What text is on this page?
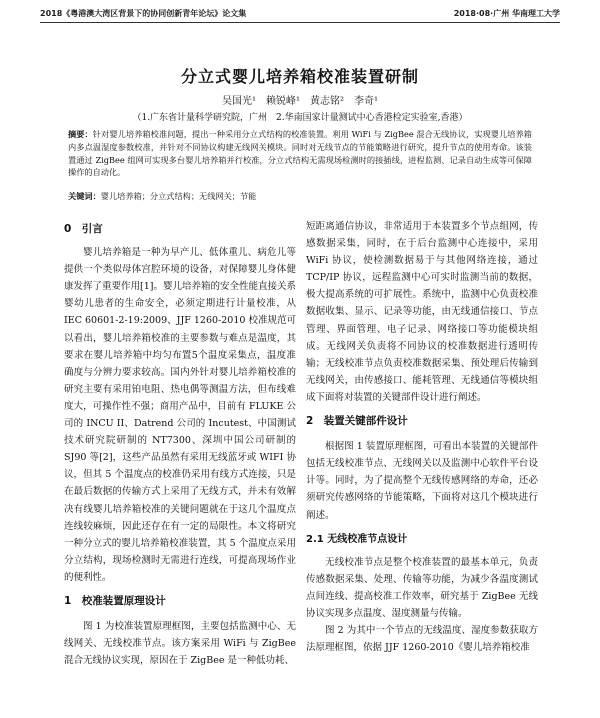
2018《粤港澳大湾区背景下的协同创新青年论坛》论文集	2018·08·广州 华南理工大学
分立式婴儿培养箱校准装置研制
吴国光¹　赖锐峰¹　黄志铭²　李奇¹
（1.广东省计量科学研究院，广州　2.华南国家计量测试中心香港检定实验室,香港）
摘要：针对婴儿培养箱校准问题，提出一种采用分立式结构的校准装置。利用 WiFi 与 ZigBee 混合无线协议，实现婴儿培养箱内多点温湿度参数校准，并针对不同协议构建无线网关模块。同时对无线节点的节能策略进行研究，提升节点的使用寿命。该装置通过 ZigBee 组网可实现多台婴儿培养箱并行校准，分立式结构无需现场检测时的接插线，进程监测、记录自动生成等可保障操作的自动化。
关键词：婴儿培养箱；分立式结构；无线网关；节能
0　引言

婴儿培养箱是一种为早产儿、低体重儿、病危儿等提供一个类似母体宫腔环境的设备，对保障婴儿身体健康发挥了重要作用[1]。婴儿培养箱的安全性能直接关系婴幼儿患者的生命安全，必须定期进行计量校准，从 IEC 60601-2-19:2009、JJF 1260-2010 校准规范可以看出，婴儿培养箱校准的主要参数与难点是温度，其要求在婴儿培养箱中均匀布置5个温度采集点，温度准确度与分辨力要求较高。国内外针对婴儿培养箱校准的研究主要有采用铂电阻、热电偶等测温方法，但布线难度大，可操作性不强；商用产品中，目前有 FLUKE 公司的 INCU II、Datrend 公司的 Incutest、中国测试技术研究院研制的 NT7300、深圳中国公司研制的 SJ90 等[2]，这些产品虽然有采用无线蓝牙或 WIFI 协议，但其 5 个温度点的校准仍采用有线方式连接，只是在最后数据的传输方式上采用了无线方式，并未有效解决有线婴儿培养箱校准的关键问题就在于这几个温度点连线较麻烦，因此还存在有一定的局限性。本文将研究一种分立式的婴儿培养箱校准装置，其 5 个温度点采用分立结构，现场检测时无需进行连线，可提高现场作业的便利性。

1　校准装置原理设计

图 1 为校准装置原理框图，主要包括监测中心、无线网关、无线校准节点。该方案采用 WiFi 与 ZigBee 混合无线协议实现，原因在于 ZigBee 是一种低功耗、

短距离通信协议，非常适用于本装置多个节点组网，传感数据采集，同时，在于后台监测中心连接中，采用 WiFi 协议，使检测数据易于与其他网络连接，通过 TCP/IP 协议，远程监测中心可实时监测当前的数据，极大提高系统的可扩展性。系统中，监测中心负责校准数据收集、显示、记录等功能，由无线通信接口、节点管理、界面管理、电子记录、网络接口等功能模块组成。无线网关负责将不同协议的校准数据进行透明传输；无线校准节点负责校准数据采集、预处理后传输到无线网关，由传感接口、能耗管理、无线通信等模块组成下面将对装置的关键部件设计进行阐述。

2　装置关键部件设计

根据图 1 装置原理框图，可看出本装置的关键部件包括无线校准节点、无线网关以及监测中心软件平台设计等。同时，为了提高整个无线传感网络的寿命，还必须研究传感网络的节能策略，下面将对这几个模块进行阐述。

2.1 无线校准节点设计

无线校准节点是整个校准装置的最基本单元，负责传感数据采集、处理、传输等功能，为减少各温度测试点间连线、提高校准工作效率，研究基于 ZigBee 无线协议实现多点温度、湿度测量与传输。

图 2 为其中一个节点的无线温度、湿度参数获取方法原理框图，依据 JJF 1260-2010《婴儿培养箱校准
